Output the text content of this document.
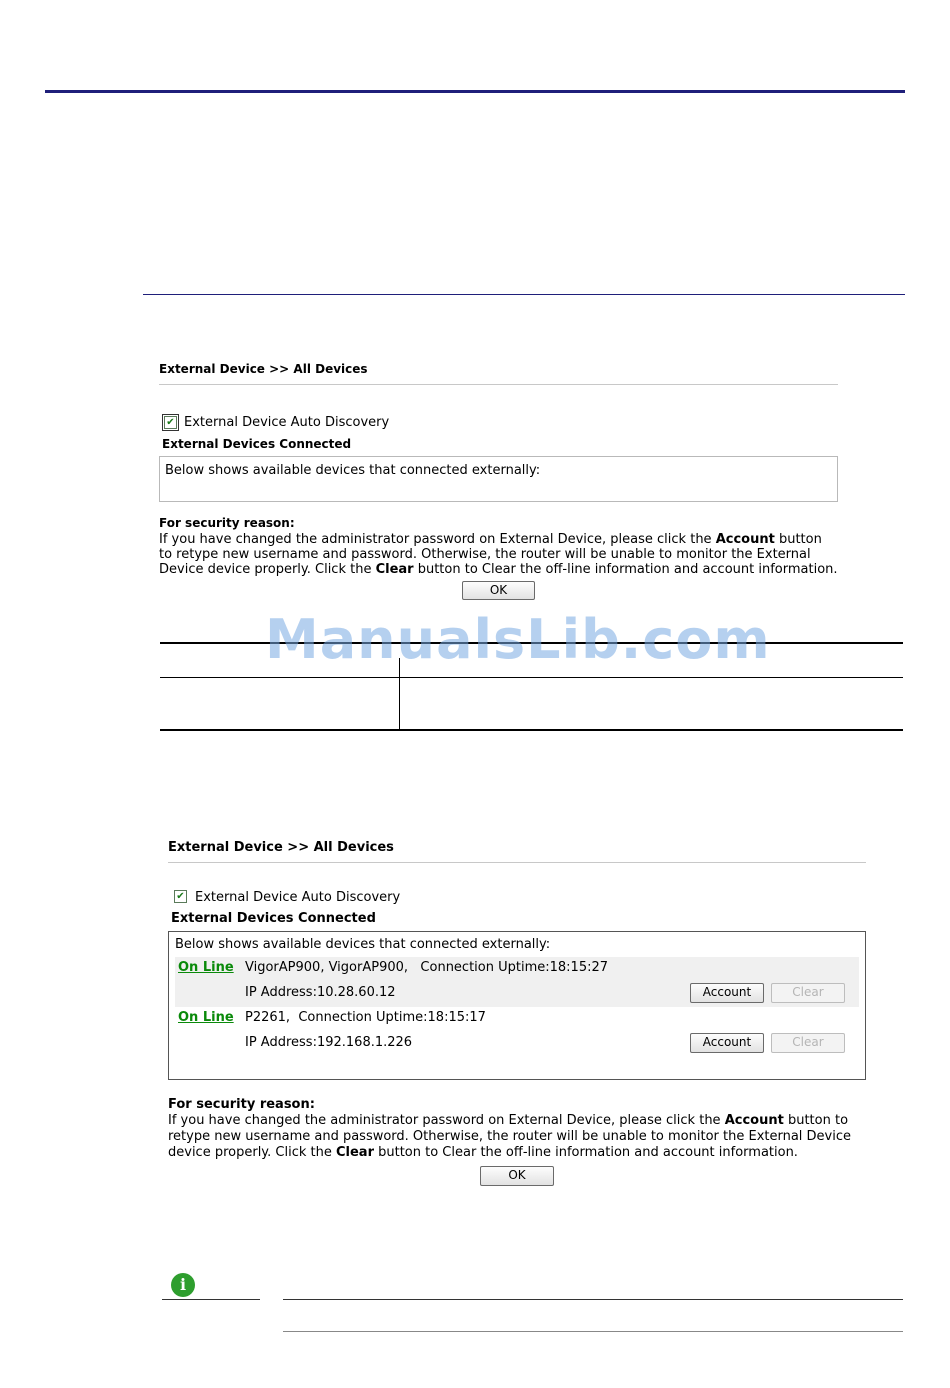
External Device >> All Devices
✔ External Device Auto Discovery
External Devices Connected
Below shows available devices that connected externally:
For security reason:

If you have changed the administrator password on External Device, please click the Account button to retype new username and password. Otherwise, the router will be unable to monitor the External Device device properly. Click the Clear button to Clear the off-line information and account information.

OK
ManualsLib.com
External Device >> All Devices
✔ External Device Auto Discovery
External Devices Connected
Below shows available devices that connected externally:
On Line VigorAP900, VigorAP900,   Connection Uptime:18:15:27
IP Address:10.28.60.12	Account	Clear
On Line P2261,  Connection Uptime:18:15:17
IP Address:192.168.1.226	Account	Clear
For security reason:

If you have changed the administrator password on External Device, please click the Account button to retype new username and password. Otherwise, the router will be unable to monitor the External Device device properly. Click the Clear button to Clear the off-line information and account information.

OK
i
